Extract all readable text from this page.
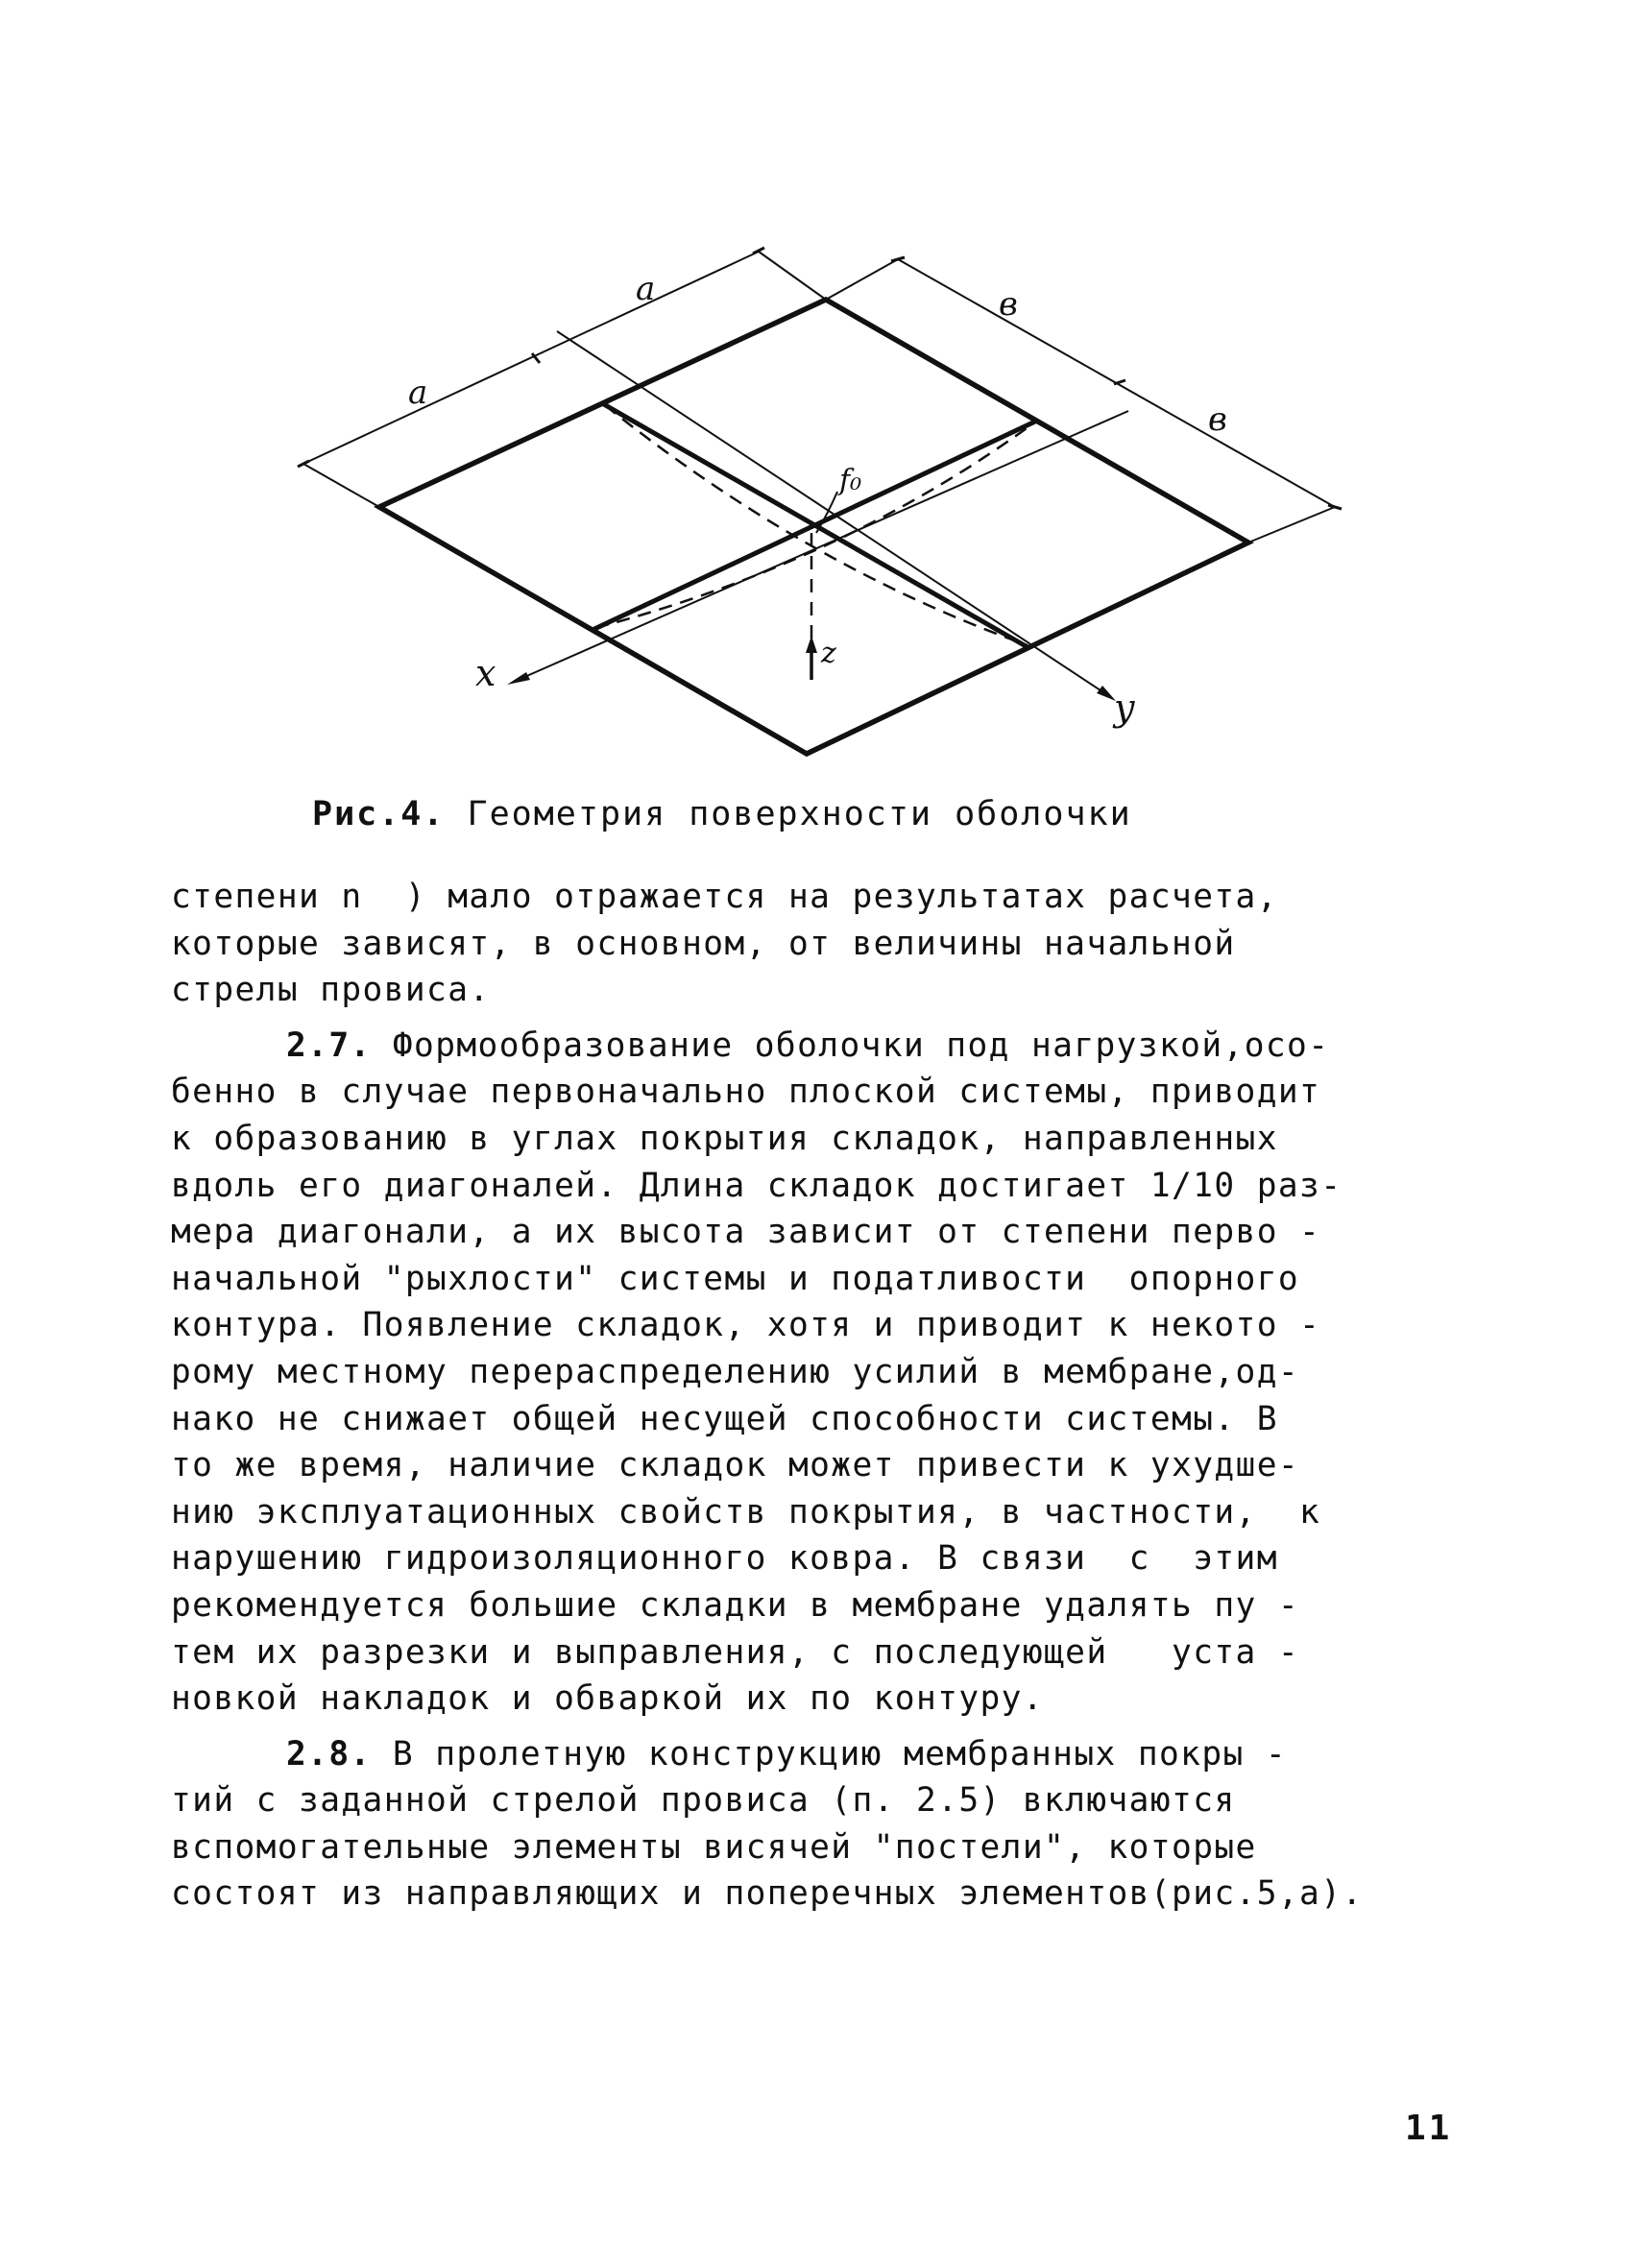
a
a	в
в
f₀
x
y
z
Рис.4. Геометрия поверхности оболочки

степени n  ) мало отражается на результатах расчета,
которые зависят, в основном, от величины начальной
стрелы провиса.

2.7. Формообразование оболочки под нагрузкой,осо-
бенно в случае первоначально плоской системы, приводит
к образованию в углах покрытия складок, направленных
вдоль его диагоналей. Длина складок достигает 1/10 раз-
мера диагонали, а их высота зависит от степени перво -
начальной "рыхлости" системы и податливости  опорного
контура. Появление складок, хотя и приводит к некото -
рому местному перераспределению усилий в мембране,од-
нако не снижает общей несущей способности системы. В
то же время, наличие складок может привести к ухудше-
нию эксплуатационных свойств покрытия, в частности,  к
нарушению гидроизоляционного ковра. В связи  с  этим
рекомендуется большие складки в мембране удалять пу -
тем их разрезки и выправления, с последующей   уста -
новкой накладок и обваркой их по контуру.

2.8. В пролетную конструкцию мембранных покры -
тий с заданной стрелой провиса (п. 2.5) включаются
вспомогательные элементы висячей "постели", которые
состоят из направляющих и поперечных элементов(рис.5,а).

11
